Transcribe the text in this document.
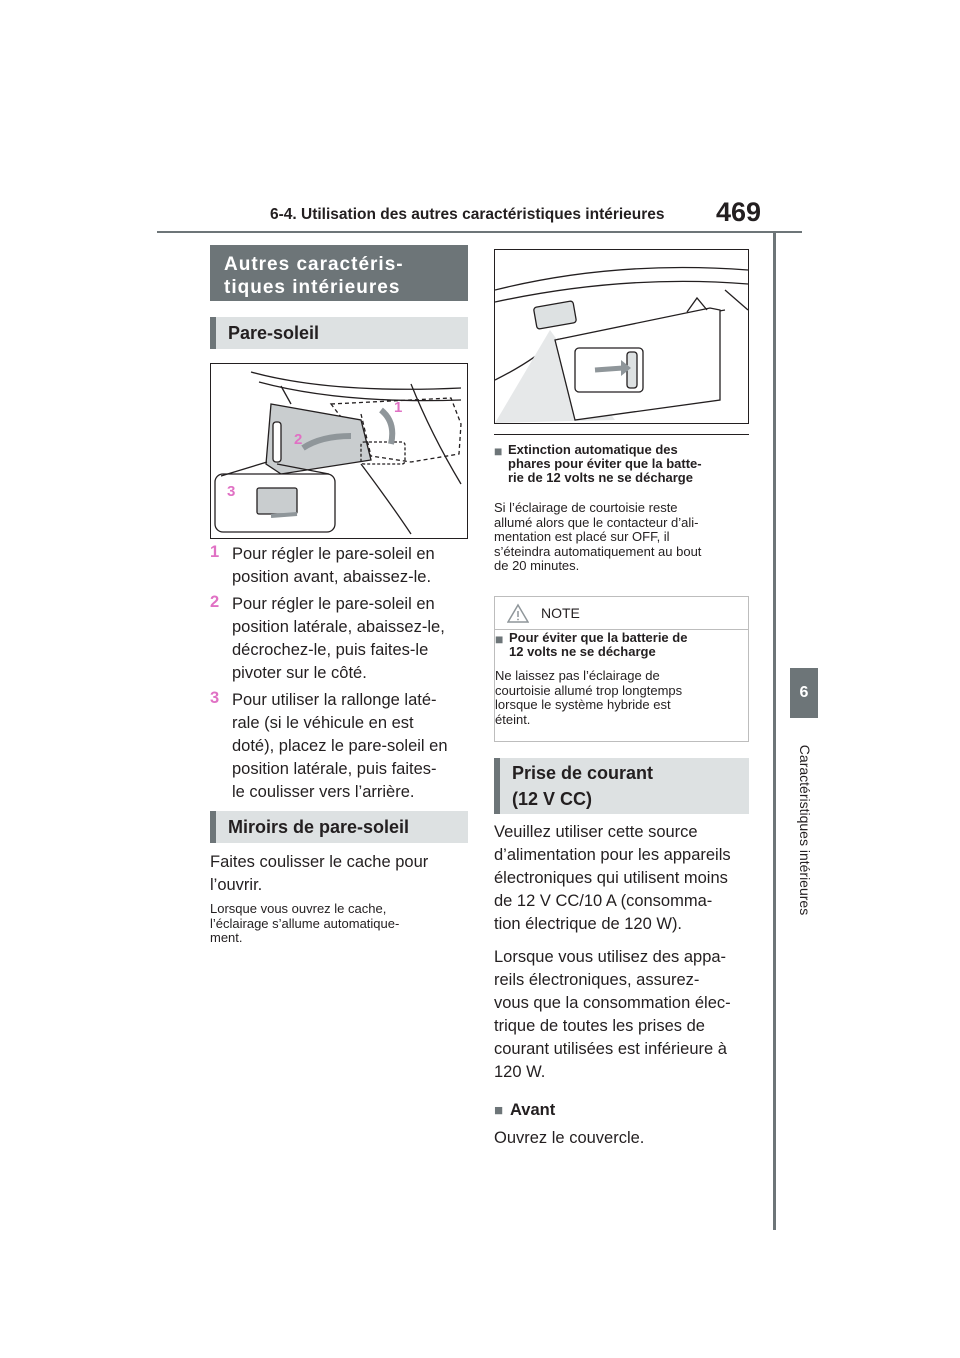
6-4. Utilisation des autres caractéristiques intérieures 469
6
Caractéristiques intérieures
Autres caractéris-
tiques intérieures
Pare-soleil
1
2
3
1 Pour régler le pare-soleil en
position avant, abaissez-le.
2 Pour régler le pare-soleil en
position latérale, abaissez-le,
décrochez-le, puis faites-le
pivoter sur le côté.
3 Pour utiliser la rallonge laté-
rale (si le véhicule en est
doté), placez le pare-soleil en
position latérale, puis faites-
le coulisser vers l’arrière.
Miroirs de pare-soleil
Faites coulisser le cache pour
l’ouvrir.
Lorsque vous ouvrez le cache,
l’éclairage s’allume automatique-
ment.
■ Extinction automatique des
phares pour éviter que la batte-
rie de 12 volts ne se décharge
Si l’éclairage de courtoisie reste
allumé alors que le contacteur d’ali-
mentation est placé sur OFF, il
s’éteindra automatiquement au bout
de 20 minutes.
NOTE
■ Pour éviter que la batterie de
12 volts ne se décharge
Ne laissez pas l’éclairage de
courtoisie allumé trop longtemps
lorsque le système hybride est
éteint.
Prise de courant
(12 V CC)
Veuillez utiliser cette source
d’alimentation pour les appareils
électroniques qui utilisent moins
de 12 V CC/10 A (consomma-
tion électrique de 120 W).
Lorsque vous utilisez des appa-
reils électroniques, assurez-
vous que la consommation élec-
trique de toutes les prises de
courant utilisées est inférieure à
120 W.
■ Avant
Ouvrez le couvercle.
